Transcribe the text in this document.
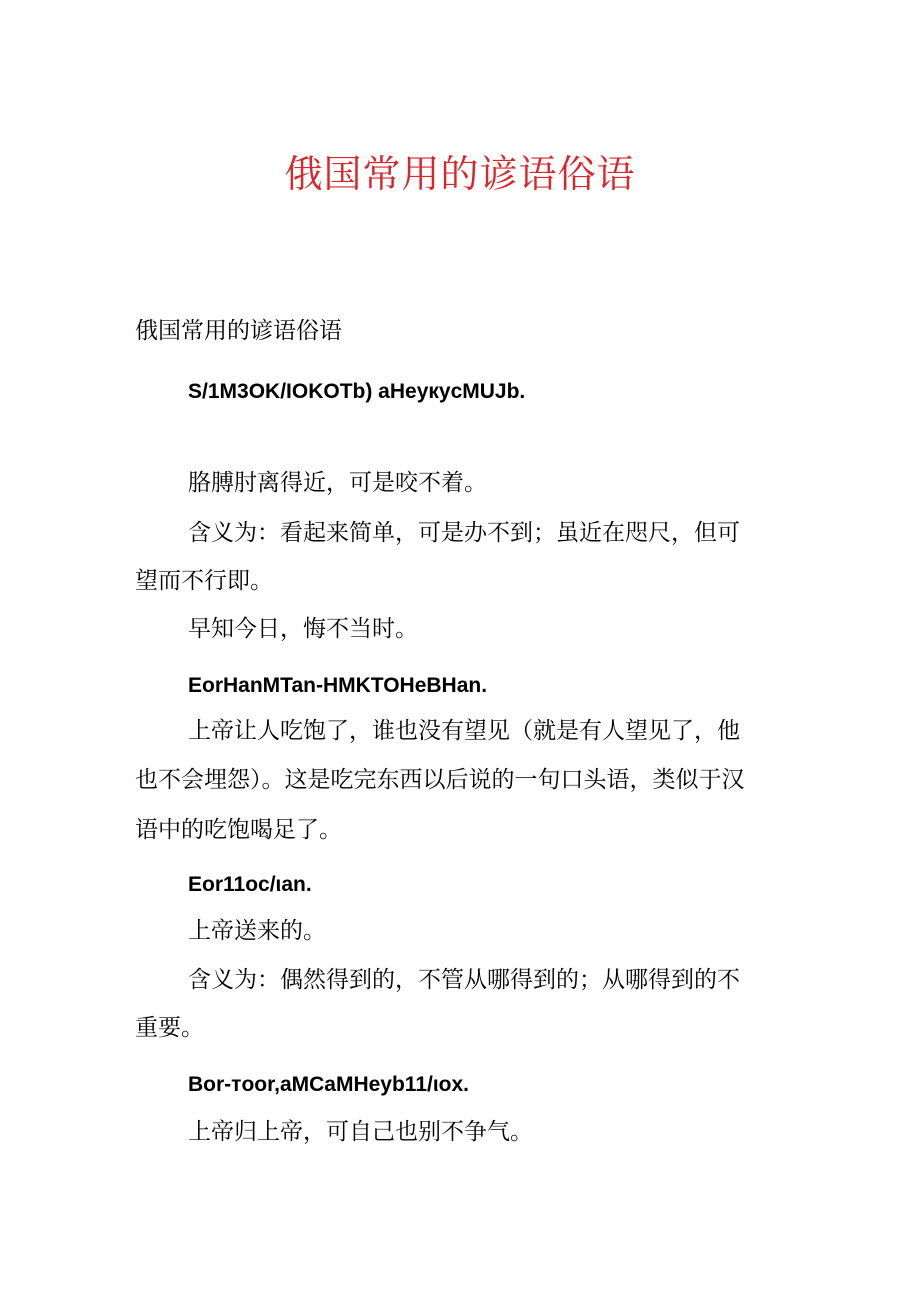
俄国常用的谚语俗语
俄国常用的谚语俗语
S/1M3OK/IOKOTb) aHeyкycMUJb.
胳膊肘离得近，可是咬不着。
含义为：看起来简单，可是办不到；虽近在咫尺，但可
望而不行即。
早知今日，悔不当时。
EorHanMTan-HMKTOHeBHan.
上帝让人吃饱了，谁也没有望见（就是有人望见了，他
也不会埋怨）。这是吃完东西以后说的一句口头语，类似于汉
语中的吃饱喝足了。
Eor11oc/ιan.
上帝送来的。
含义为：偶然得到的，不管从哪得到的；从哪得到的不
重要。
Bor-тoor,aMCaMHeyb11/ιox.
上帝归上帝，可自己也别不争气。
